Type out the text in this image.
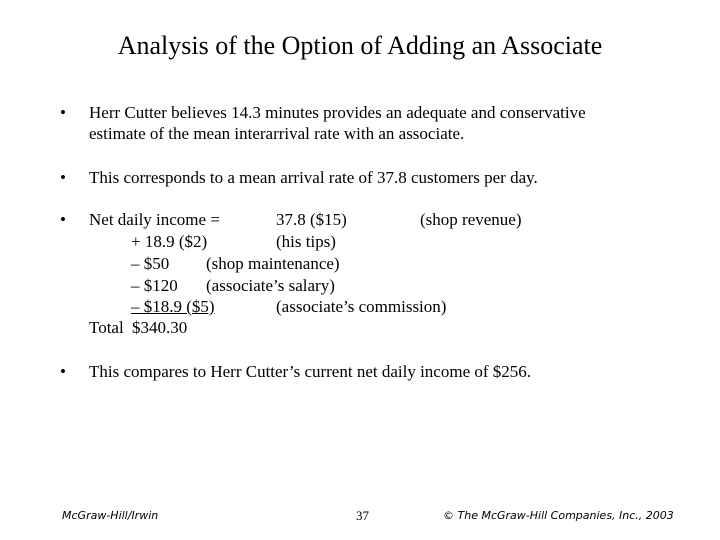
Analysis of the Option of Adding an Associate
• Herr Cutter believes 14.3 minutes provides an adequate and conservative
estimate of the mean interarrival rate with an associate.
• This corresponds to a mean arrival rate of 37.8 customers per day.
• Net daily income =	37.8 ($15)	(shop revenue)
+ 18.9 ($2)	(his tips)
– $50 (shop maintenance)
– $120 (associate’s salary)
– $18.9 ($5)	(associate’s commission)
Total $340.30
• This compares to Herr Cutter’s current net daily income of $256.
McGraw-Hill/Irwin	37	© The McGraw-Hill Companies, Inc., 2003
